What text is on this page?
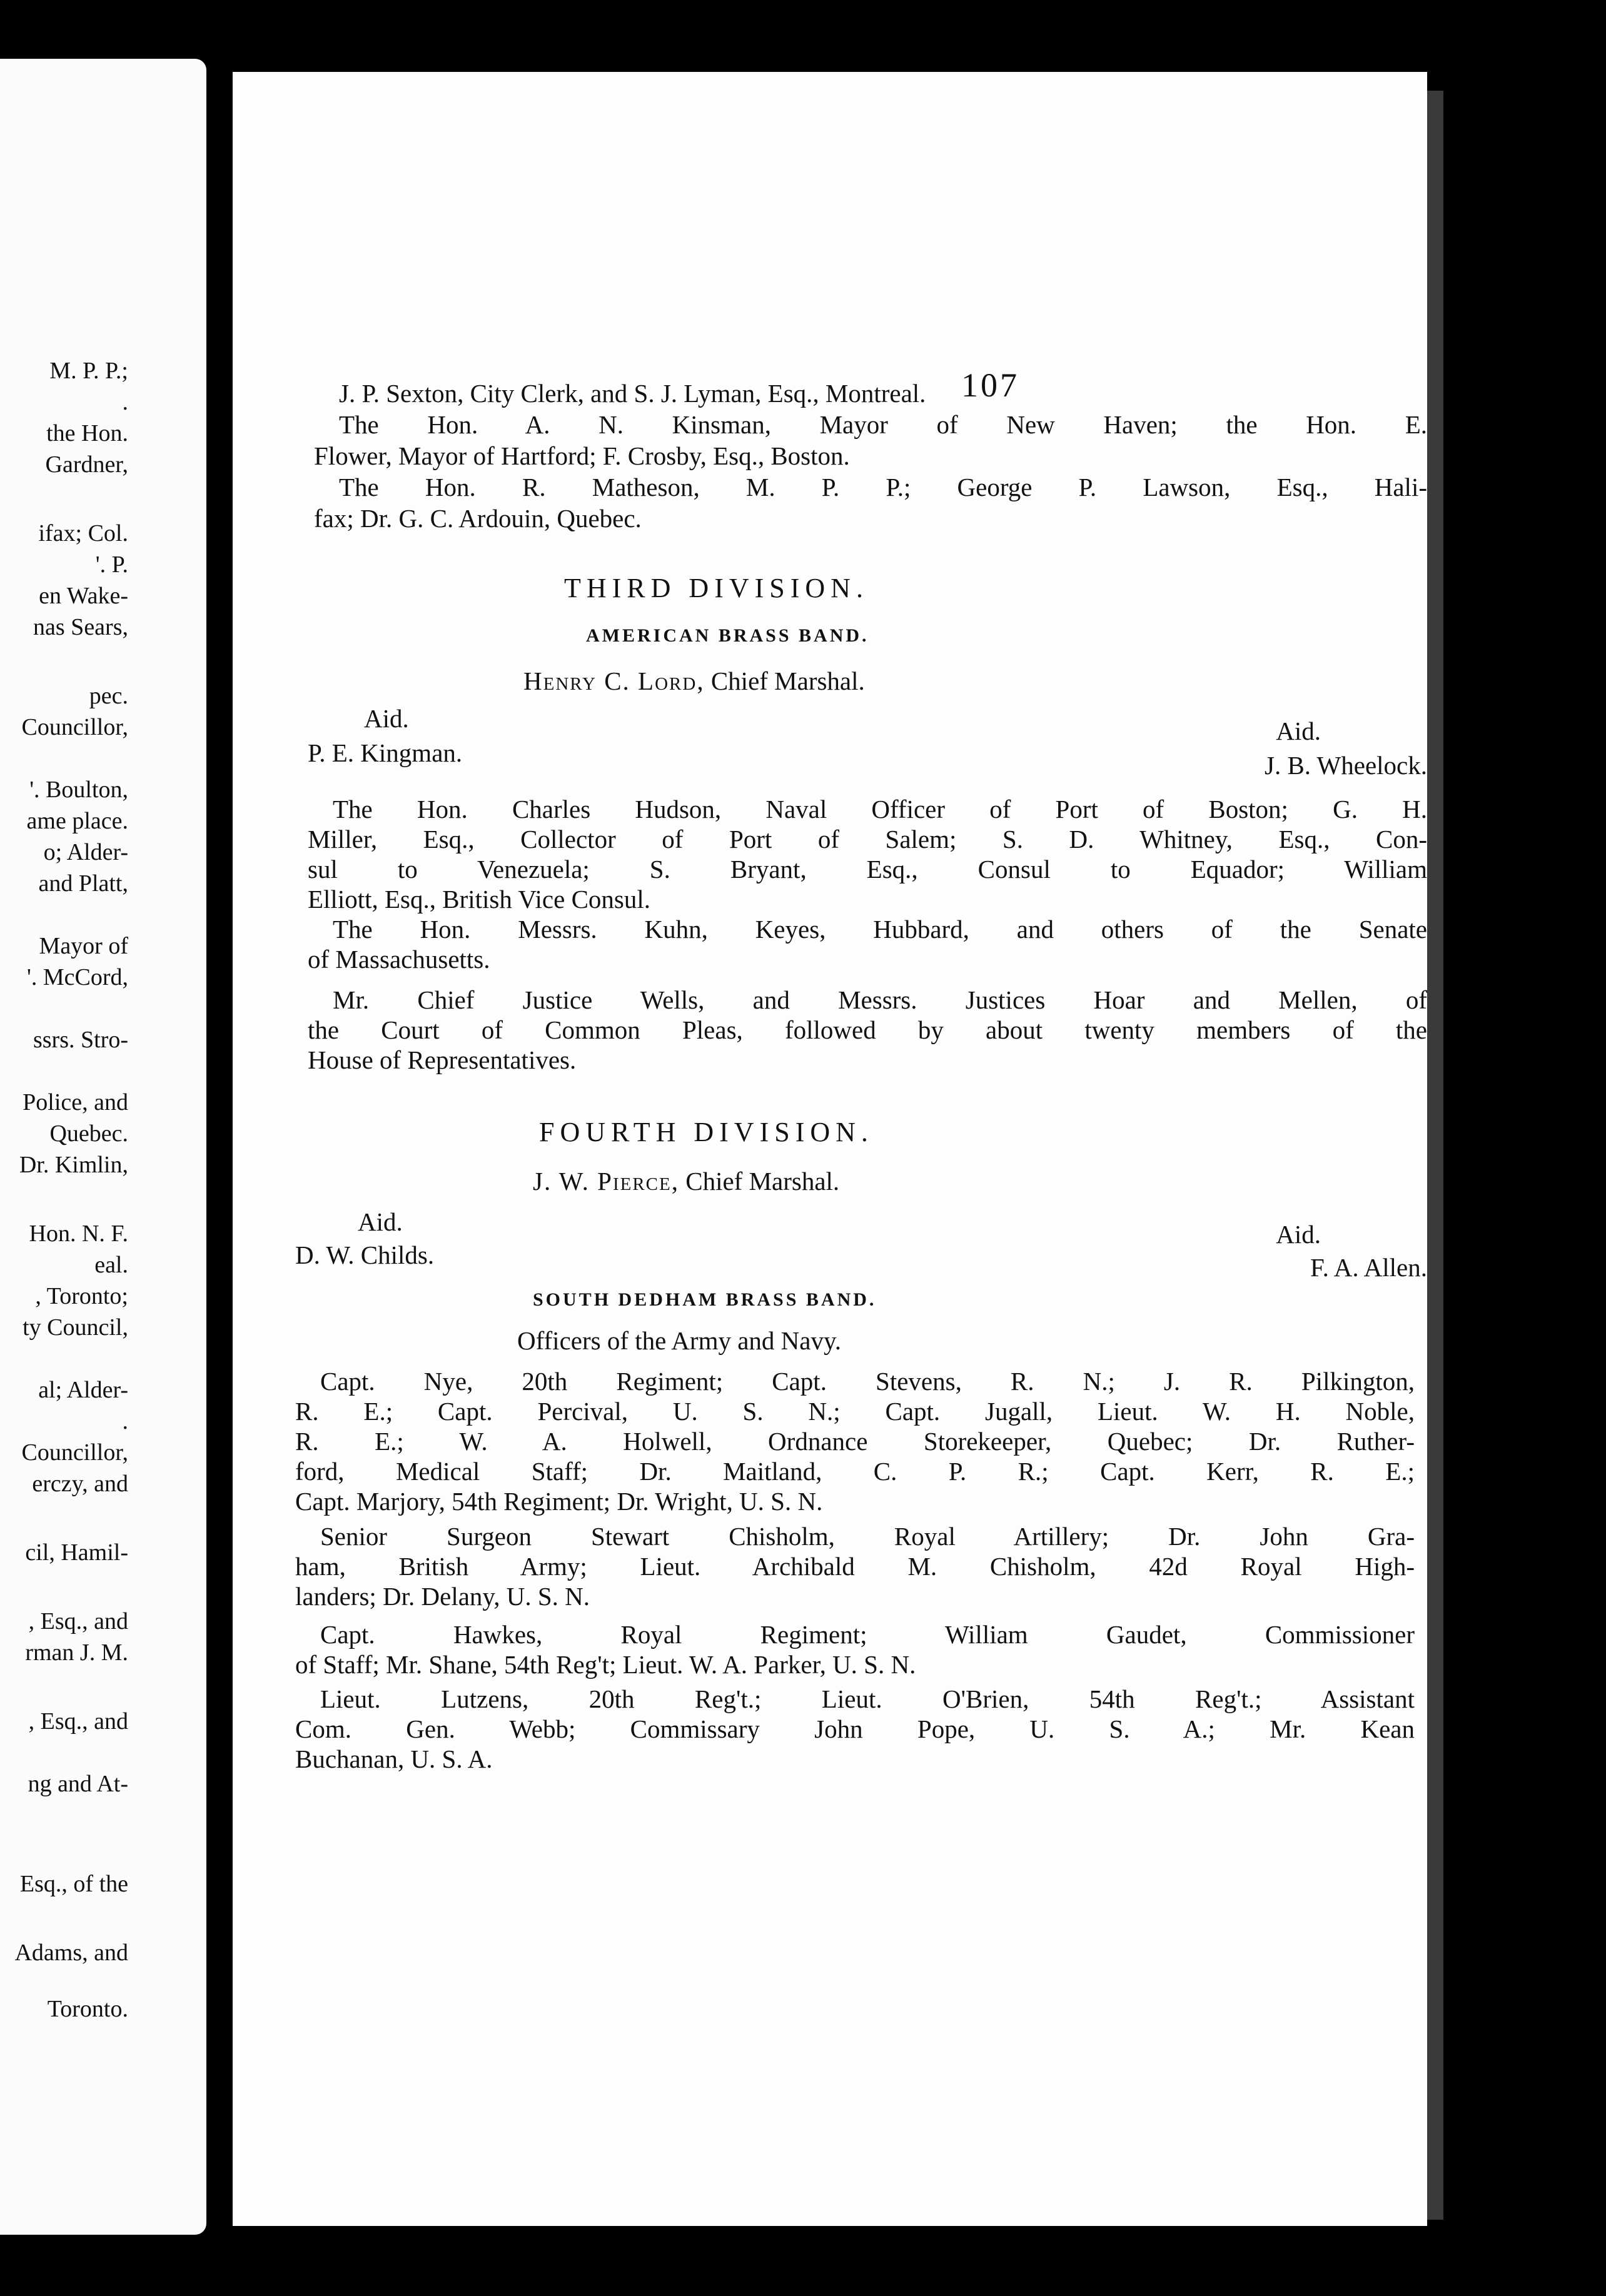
M. P. P.;
.
the Hon.
Gardner,
ifax; Col.
'. P.
en Wake-
nas Sears,
pec.
Councillor,
'. Boulton,
ame place.
o; Alder-
and Platt,
Mayor of
'. McCord,
ssrs. Stro-
Police, and
Quebec.
Dr. Kimlin,
Hon. N. F.
eal.
, Toronto;
ty Council,
al; Alder-
.
Councillor,
erczy, and
cil, Hamil-
, Esq., and
rman J. M.
, Esq., and
ng and At-
Esq., of the
Adams, and
Toronto.
107
J. P. Sexton, City Clerk, and S. J. Lyman, Esq., Montreal.
The Hon. A. N. Kinsman, Mayor of New Haven; the Hon. E.
Flower, Mayor of Hartford; F. Crosby, Esq., Boston.
The Hon. R. Matheson, M. P. P.; George P. Lawson, Esq., Hali-
fax; Dr. G. C. Ardouin, Quebec.
THIRD DIVISION.
AMERICAN BRASS BAND.
Henry C. Lord, Chief Marshal.
Aid.	Aid.
P. E. Kingman.	J. B. Wheelock.
The Hon. Charles Hudson, Naval Officer of Port of Boston; G. H.
Miller, Esq., Collector of Port of Salem; S. D. Whitney, Esq., Con-
sul to Venezuela; S. Bryant, Esq., Consul to Equador; William
Elliott, Esq., British Vice Consul.
The Hon. Messrs. Kuhn, Keyes, Hubbard, and others of the Senate
of Massachusetts.
Mr. Chief Justice Wells, and Messrs. Justices Hoar and Mellen, of
the Court of Common Pleas, followed by about twenty members of the
House of Representatives.
FOURTH DIVISION.
J. W. Pierce, Chief Marshal.
Aid.	Aid.
D. W. Childs.	F. A. Allen.
SOUTH DEDHAM BRASS BAND.
Officers of the Army and Navy.
Capt. Nye, 20th Regiment; Capt. Stevens, R. N.; J. R. Pilkington,
R. E.; Capt. Percival, U. S. N.; Capt. Jugall, Lieut. W. H. Noble,
R. E.; W. A. Holwell, Ordnance Storekeeper, Quebec; Dr. Ruther-
ford, Medical Staff; Dr. Maitland, C. P. R.; Capt. Kerr, R. E.;
Capt. Marjory, 54th Regiment; Dr. Wright, U. S. N.
Senior Surgeon Stewart Chisholm, Royal Artillery; Dr. John Gra-
ham, British Army; Lieut. Archibald M. Chisholm, 42d Royal High-
landers; Dr. Delany, U. S. N.
Capt. Hawkes, Royal Regiment; William Gaudet, Commissioner
of Staff; Mr. Shane, 54th Reg't; Lieut. W. A. Parker, U. S. N.
Lieut. Lutzens, 20th Reg't.; Lieut. O'Brien, 54th Reg't.; Assistant
Com. Gen. Webb; Commissary John Pope, U. S. A.; Mr. Kean
Buchanan, U. S. A.
